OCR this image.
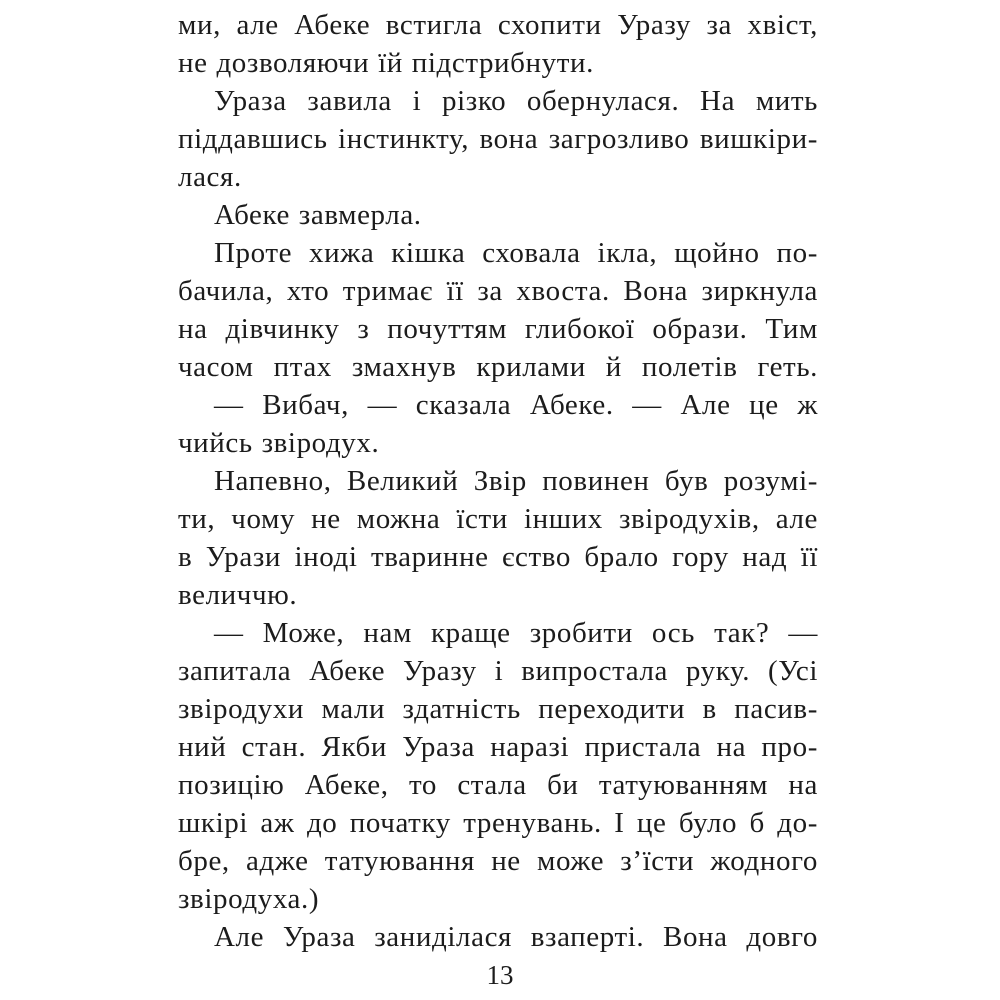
ми, але Абеке встигла схопити Уразу за хвіст,
не дозволяючи їй підстрибнути.
Ураза завила і різко обернулася. На мить
піддавшись інстинкту, вона загрозливо вишкіри-
лася.
Абеке завмерла.
Проте хижа кішка сховала ікла, щойно по-
бачила, хто тримає її за хвоста. Вона зиркнула
на дівчинку з почуттям глибокої образи. Тим
часом птах змахнув крилами й полетів геть.
— Вибач, — сказала Абеке. — Але це ж
чийсь звіродух.
Напевно, Великий Звір повинен був розумі-
ти, чому не можна їсти інших звіродухів, але
в Урази іноді тваринне єство брало гору над її
величчю.
— Може, нам краще зробити ось так? —
запитала Абеке Уразу і випростала руку. (Усі
звіродухи мали здатність переходити в пасив-
ний стан. Якби Ураза наразі пристала на про-
позицію Абеке, то стала би татуюванням на
шкірі аж до початку тренувань. І це було б до-
бре, адже татуювання не може з’їсти жодного
звіродуха.)
Але Ураза занидiлася взаперті. Вона довго
13
